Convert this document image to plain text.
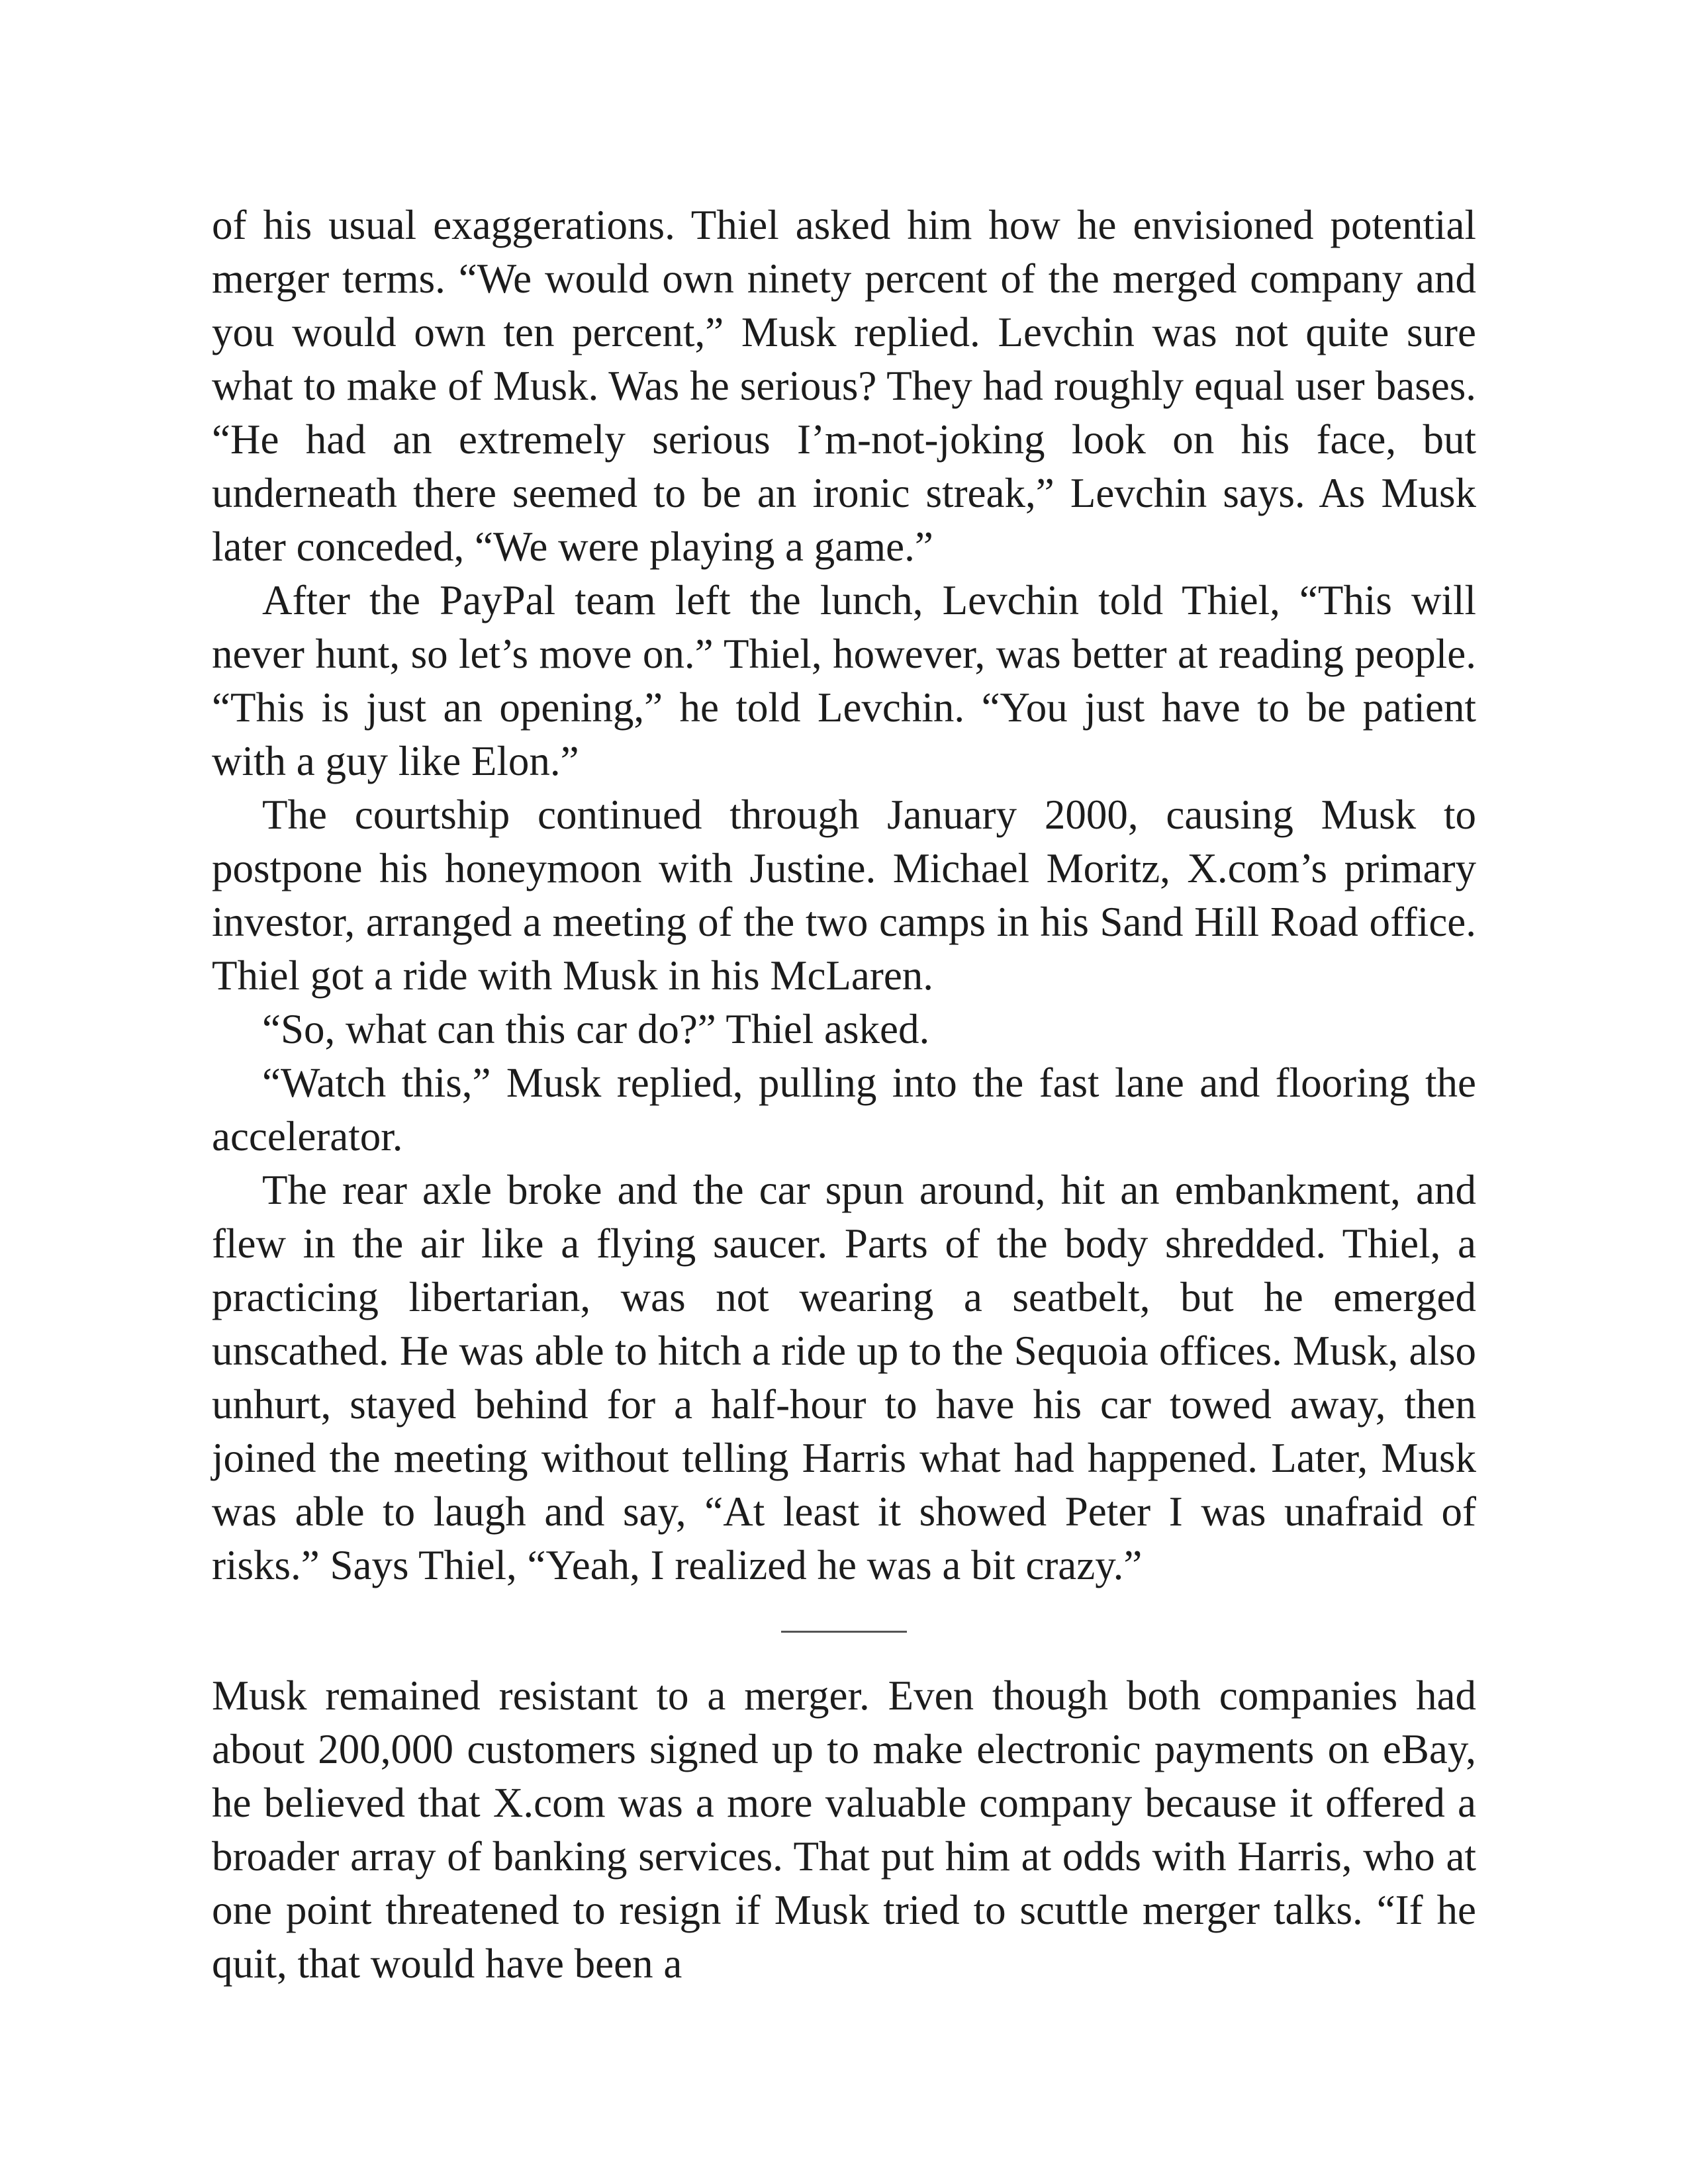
of his usual exaggerations. Thiel asked him how he envisioned potential merger terms. “We would own ninety percent of the merged company and you would own ten percent,” Musk replied. Levchin was not quite sure what to make of Musk. Was he serious? They had roughly equal user bases. “He had an extremely serious I’m-not-joking look on his face, but underneath there seemed to be an ironic streak,” Levchin says. As Musk later conceded, “We were playing a game.”

After the PayPal team left the lunch, Levchin told Thiel, “This will never hunt, so let’s move on.” Thiel, however, was better at reading people. “This is just an opening,” he told Levchin. “You just have to be patient with a guy like Elon.”

The courtship continued through January 2000, causing Musk to postpone his honeymoon with Justine. Michael Moritz, X.com’s primary investor, arranged a meeting of the two camps in his Sand Hill Road office. Thiel got a ride with Musk in his McLaren.

“So, what can this car do?” Thiel asked.

“Watch this,” Musk replied, pulling into the fast lane and flooring the accelerator.

The rear axle broke and the car spun around, hit an embankment, and flew in the air like a flying saucer. Parts of the body shredded. Thiel, a practicing libertarian, was not wearing a seatbelt, but he emerged unscathed. He was able to hitch a ride up to the Sequoia offices. Musk, also unhurt, stayed behind for a half-hour to have his car towed away, then joined the meeting without telling Harris what had happened. Later, Musk was able to laugh and say, “At least it showed Peter I was unafraid of risks.” Says Thiel, “Yeah, I realized he was a bit crazy.”

Musk remained resistant to a merger. Even though both companies had about 200,000 customers signed up to make electronic payments on eBay, he believed that X.com was a more valuable company because it offered a broader array of banking services. That put him at odds with Harris, who at one point threatened to resign if Musk tried to scuttle merger talks. “If he quit, that would have been a
